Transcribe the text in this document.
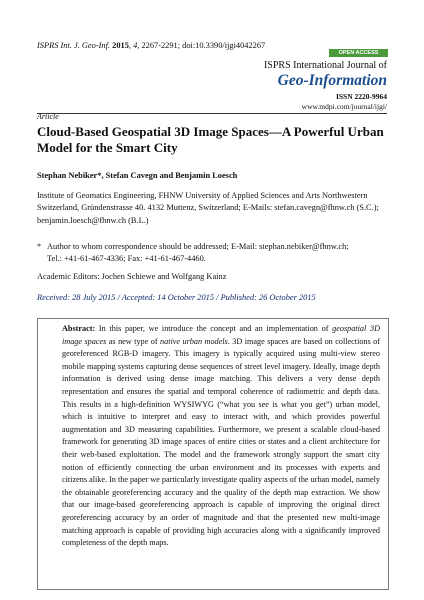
ISPRS Int. J. Geo-Inf. 2015, 4, 2267-2291; doi:10.3390/ijgi4042267
OPEN ACCESS
ISPRS International Journal of
Geo-Information
ISSN 2220-9964
www.mdpi.com/journal/ijgi/
Article
Cloud-Based Geospatial 3D Image Spaces—A Powerful Urban Model for the Smart City
Stephan Nebiker*, Stefan Cavegn and Benjamin Loesch
Institute of Geomatics Engineering, FHNW University of Applied Sciences and Arts Northwestern Switzerland, Gründenstrasse 40. 4132 Muttenz, Switzerland; E-Mails: stefan.cavegn@fhnw.ch (S.C.); benjamin.loesch@fhnw.ch (B.L.)
* Author to whom correspondence should be addressed; E-Mail: stephan.nebiker@fhnw.ch;
Tel.: +41-61-467-4336; Fax: +41-61-467-4460.
Academic Editors: Jochen Schiewe and Wolfgang Kainz
Received: 28 July 2015 / Accepted: 14 October 2015 / Published: 26 October 2015
Abstract: In this paper, we introduce the concept and an implementation of geospatial 3D image spaces as new type of native urban models. 3D image spaces are based on collections of georeferenced RGB-D imagery. This imagery is typically acquired using multi-view stereo mobile mapping systems capturing dense sequences of street level imagery. Ideally, image depth information is derived using dense image matching. This delivers a very dense depth representation and ensures the spatial and temporal coherence of radiometric and depth data. This results in a high-definition WYSIWYG (“what you see is what you get”) urban model, which is intuitive to interpret and easy to interact with, and which provides powerful augmentation and 3D measuring capabilities. Furthermore, we present a scalable cloud-based framework for generating 3D image spaces of entire cities or states and a client architecture for their web-based exploitation. The model and the framework strongly support the smart city notion of efficiently connecting the urban environment and its processes with experts and citizens alike. In the paper we particularly investigate quality aspects of the urban model, namely the obtainable georeferencing accuracy and the quality of the depth map extraction. We show that our image-based georeferencing approach is capable of improving the original direct georeferencing accuracy by an order of magnitude and that the presented new multi-image matching approach is capable of providing high accuracies along with a significantly improved completeness of the depth maps.
